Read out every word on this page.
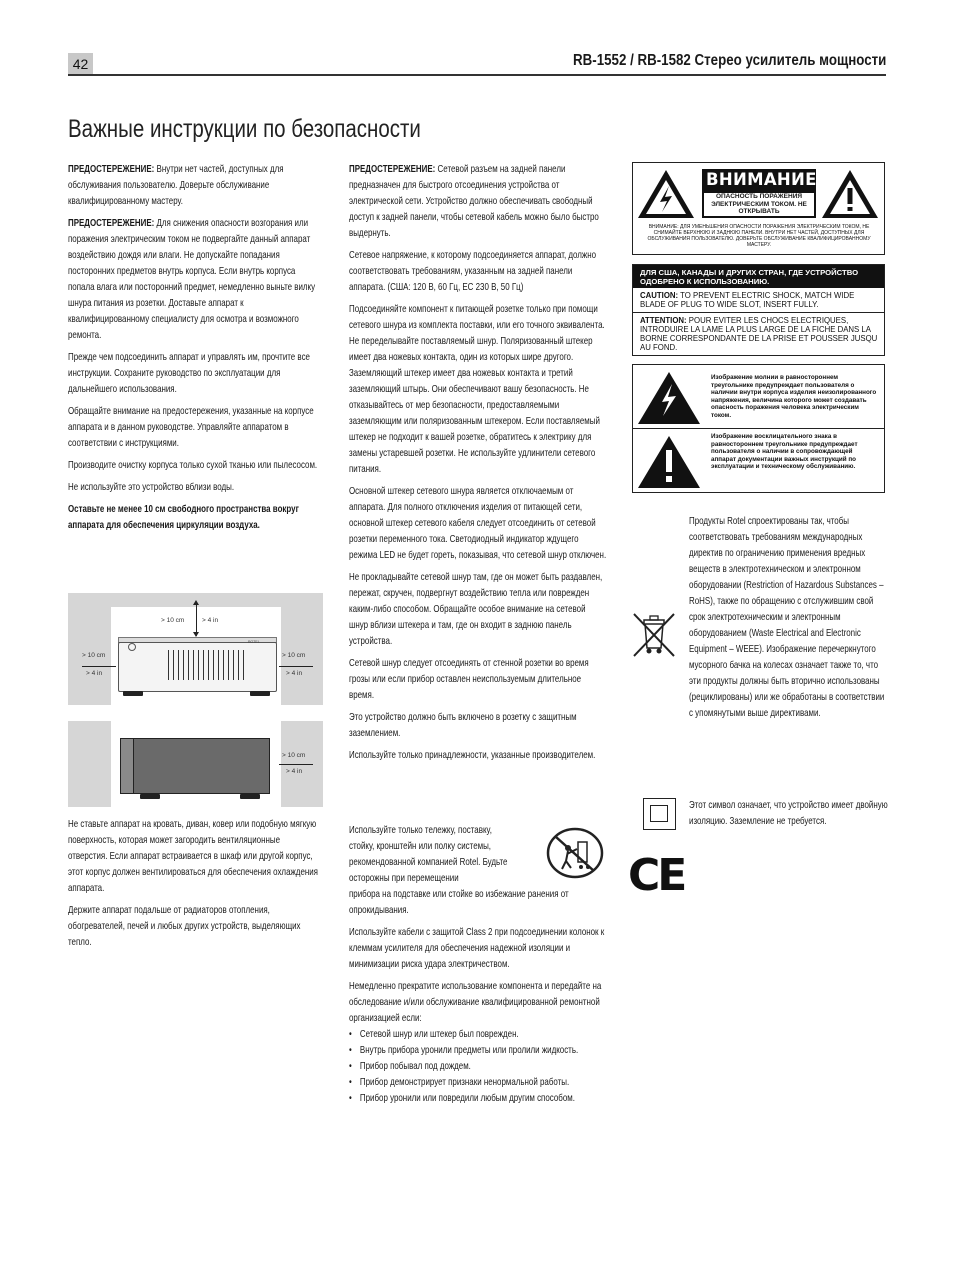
42	RB-1552 / RB-1582 Стерео усилитель мощности
Важные инструкции по безопасности

ПРЕДОСТЕРЕЖЕНИЕ: Внутри нет частей, доступных для обслуживания пользователю. Доверьте обслуживание квалифицированному мастеру.

ПРЕДОСТЕРЕЖЕНИЕ: Для снижения опасности возгорания или поражения электрическим током не подвергайте данный аппарат воздействию дождя или влаги. Не допускайте попадания посторонних предметов внутрь корпуса. Если внутрь корпуса попала влага или посторонний предмет, немедленно выньте вилку шнура питания из розетки. Доставьте аппарат к квалифицированному специалисту для осмотра и возможного ремонта.

Прежде чем подсоединить аппарат и управлять им, прочтите все инструкции. Сохраните руководство по эксплуатации для дальнейшего использования.

Обращайте внимание на предостережения, указанные на корпусе аппарата и в данном руководстве. Управляйте аппаратом в соответствии с инструкциями.

Производите очистку корпуса только сухой тканью или пылесосом.

Не используйте это устройство вблизи воды.

Оставьте не менее 10 см свободного пространства вокруг аппарата для обеспечения циркуляции воздуха.

ROTEL
> 10 cm	> 4 in
> 10 cm
> 4 in
> 10 cm
> 4 in
> 10 cm
> 4 in

Не ставьте аппарат на кровать, диван, ковер или подобную мягкую поверхность, которая может загородить вентиляционные отверстия. Если аппарат встраивается в шкаф или другой корпус, этот корпус должен вентилироваться для обеспечения охлаждения аппарата.

Держите аппарат подальше от радиаторов отопления, обогревателей, печей и любых других устройств, выделяющих тепло.

ПРЕДОСТЕРЕЖЕНИЕ: Сетевой разъем на задней панели предназначен для быстрого отсоединения устройства от электрической сети. Устройство должно обеспечивать свободный доступ к задней панели, чтобы сетевой кабель можно было быстро выдернуть.

Сетевое напряжение, к которому подсоединяется аппарат, должно соответствовать требованиям, указанным на задней панели аппарата. (США: 120 В, 60 Гц, ЕС 230 В, 50 Гц)

Подсоединяйте компонент к питающей розетке только при помощи сетевого шнура из комплекта поставки, или его точного эквивалента. Не переделывайте поставляемый шнур. Поляризованный штекер имеет два ножевых контакта, один из которых шире другого. Заземляющий штекер имеет два ножевых контакта и третий заземляющий штырь. Они обеспечивают вашу безопасность. Не отказывайтесь от мер безопасности, предоставляемыми заземляющим или поляризованным штекером. Если поставляемый штекер не подходит к вашей розетке, обратитесь к электрику для замены устаревшей розетки. Не используйте удлинители сетевого питания.

Основной штекер сетевого шнура является отключаемым от аппарата. Для полного отключения изделия от питающей сети, основной штекер сетевого кабеля следует отсоединить от сетевой розетки переменного тока. Светодиодный индикатор ждущего режима LED не будет гореть, показывая, что сетевой шнур отключен.

Не прокладывайте сетевой шнур там, где он может быть раздавлен, пережат, скручен, подвергнут воздействию тепла или поврежден каким-либо способом. Обращайте особое внимание на сетевой шнур вблизи штекера и там, где он входит в заднюю панель устройства.

Сетевой шнур следует отсоединять от стенной розетки во время грозы или если прибор оставлен неиспользуемым длительное время.

Это устройство должно быть включено в розетку с защитным заземлением.

Используйте только принадлежности, указанные производителем.

Используйте только тележку, поставку, стойку, кронштейн или полку системы, рекомендованной компанией Rotel. Будьте осторожны при перемещении

прибора на подставке или стойке во избежание ранения от опрокидывания.

Используйте кабели с защитой Class 2 при подсоединении колонок к клеммам усилителя для обеспечения надежной изоляции и минимизации риска удара электричеством.

Немедленно прекратите использование компонента и передайте на обследование и/или обслуживание квалифицированной ремонтной организацией если:

• Сетевой шнур или штекер был поврежден.
• Внутрь прибора уронили предметы или пролили жидкость.
• Прибор побывал под дождем.
• Прибор демонстрирует признаки ненормальной работы.
• Прибор уронили или повредили любым другим способом.
ВНИМАНИЕ
ОПАСНОСТЬ ПОРАЖЕНИЯ ЭЛЕКТРИЧЕСКИМ ТОКОМ. НЕ ОТКРЫВАТЬ
ВНИМАНИЕ: ДЛЯ УМЕНЬШЕНИЯ ОПАСНОСТИ ПОРАЖЕНИЯ ЭЛЕКТРИЧЕСКИМ ТОКОМ, НЕ СНИМАЙТЕ ВЕРХНЮЮ И ЗАДНЮЮ ПАНЕЛИ. ВНУТРИ НЕТ ЧАСТЕЙ, ДОСТУПНЫХ ДЛЯ ОБСЛУЖИВАНИЯ ПОЛЬЗОВАТЕЛЮ. ДОВЕРЬТЕ ОБСЛУЖИВАНИЕ КВАЛИФИЦИРОВАННОМУ МАСТЕРУ.
ДЛЯ США, КАНАДЫ И ДРУГИХ СТРАН, ГДЕ УСТРОЙСТВО ОДОБРЕНО К ИСПОЛЬЗОВАНИЮ.
CAUTION: TO PREVENT ELECTRIC SHOCK, MATCH WIDE BLADE OF PLUG TO WIDE SLOT, INSERT FULLY.
ATTENTION: POUR EVITER LES CHOCS ELECTRIQUES, INTRODUIRE LA LAME LA PLUS LARGE DE LA FICHE DANS LA BORNE CORRESPONDANTE DE LA PRISE ET POUSSER JUSQU AU FOND.
Изображение молнии в равностороннем треугольнике предупреждает пользователя о наличии внутри корпуса изделия неизолированного напряжения, величина которого может создавать опасность поражения человека электрическим током.
Изображение восклицательного знака в равностороннем треугольнике предупреждает пользователя о наличии в сопровождающей аппарат документации важных инструкций по эксплуатации и техническому обслуживанию.

Продукты Rotel спроектированы так, чтобы соответствовать требованиям международных директив по ограничению применения вредных веществ в электротехническом и электронном оборудовании (Restriction of Hazardous Substances – RoHS), также по обращению с отслужившим свой срок электротехническим и электронным оборудованием (Waste Electrical and Electronic Equipment – WEEE). Изображение перечеркнутого мусорного бачка на колесах означает также то, что эти продукты должны быть вторично использованы (рециклированы) или же обработаны в соответствии с упомянутыми выше директивами.

Этот символ означает, что устройство имеет двойную изоляцию. Заземление не требуется.

CE
